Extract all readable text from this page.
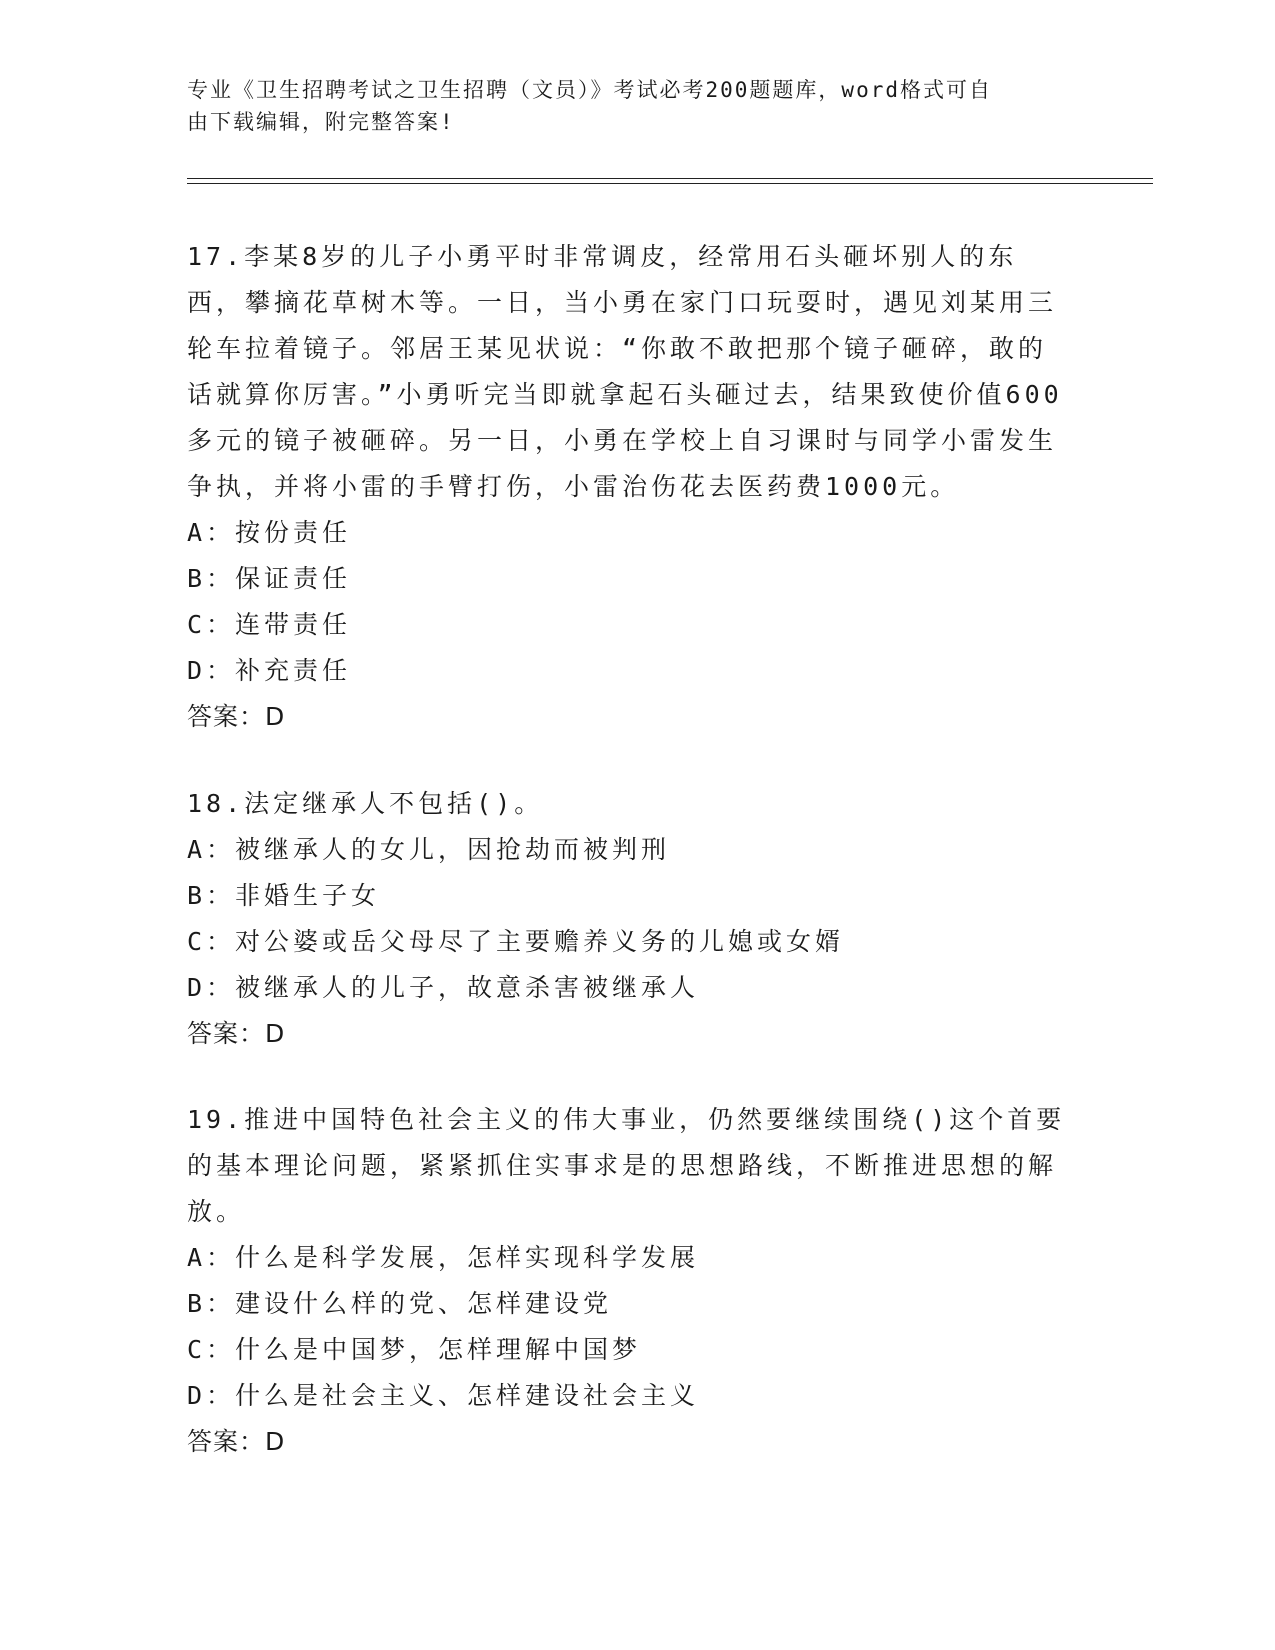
专业《卫生招聘考试之卫生招聘（文员）》考试必考200题题库，word格式可自
由下载编辑，附完整答案!

17.李某8岁的儿子小勇平时非常调皮，经常用石头砸坏别人的东西，攀摘花草树木等。一日，当小勇在家门口玩耍时，遇见刘某用三轮车拉着镜子。邻居王某见状说：“你敢不敢把那个镜子砸碎，敢的话就算你厉害。”小勇听完当即就拿起石头砸过去，结果致使价值600多元的镜子被砸碎。另一日，小勇在学校上自习课时与同学小雷发生争执，并将小雷的手臂打伤，小雷治伤花去医药费1000元。

A：按份责任
B：保证责任
C：连带责任
D：补充责任
答案：D

18.法定继承人不包括()。

A：被继承人的女儿，因抢劫而被判刑
B：非婚生子女
C：对公婆或岳父母尽了主要赡养义务的儿媳或女婿
D：被继承人的儿子，故意杀害被继承人
答案：D

19.推进中国特色社会主义的伟大事业，仍然要继续围绕()这个首要的基本理论问题，紧紧抓住实事求是的思想路线，不断推进思想的解放。

A：什么是科学发展，怎样实现科学发展
B：建设什么样的党、怎样建设党
C：什么是中国梦，怎样理解中国梦
D：什么是社会主义、怎样建设社会主义
答案：D
